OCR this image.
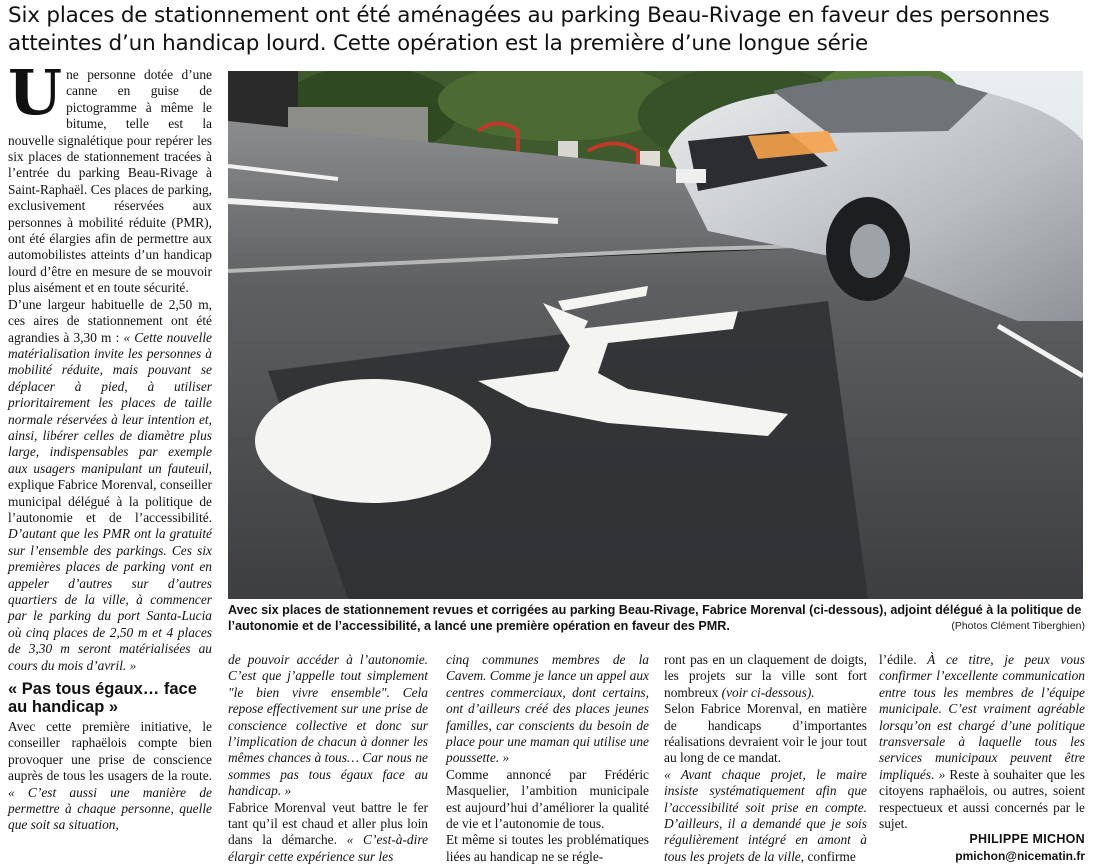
Six places de stationnement ont été aménagées au parking Beau-Rivage en faveur des personnes atteintes d’un handicap lourd. Cette opération est la première d’une longue série

Une personne dotée d’une canne en guise de pictogramme à même le bitume, telle est la nouvelle signalétique pour repérer les six places de stationnement tracées à l’entrée du parking Beau-Rivage à Saint-Raphaël. Ces places de parking, exclusivement réservées aux personnes à mobilité réduite (PMR), ont été élargies afin de permettre aux automobilistes atteints d’un handicap lourd d’être en mesure de se mouvoir plus aisément et en toute sécurité.

D’une largeur habituelle de 2,50 m, ces aires de stationnement ont été agrandies à 3,30 m : « Cette nouvelle matérialisation invite les personnes à mobilité réduite, mais pouvant se déplacer à pied, à utiliser prioritairement les places de taille normale réservées à leur intention et, ainsi, libérer celles de diamètre plus large, indispensables par exemple aux usagers manipulant un fauteuil, explique Fabrice Morenval, conseiller municipal délégué à la politique de l’autonomie et de l’accessibilité. D’autant que les PMR ont la gratuité sur l’ensemble des parkings. Ces six premières places de parking vont en appeler d’autres sur d’autres quartiers de la ville, à commencer par le parking du port Santa-Lucia où cinq places de 2,50 m et 4 places de 3,30 m seront matérialisées au cours du mois d’avril. »

« Pas tous égaux… face au handicap »

Avec cette première initiative, le conseiller raphaëlois compte bien provoquer une prise de conscience auprès de tous les usagers de la route. « C’est aussi une manière de permettre à chaque personne, quelle que soit sa situation,

Avec six places de stationnement revues et corrigées au parking Beau-Rivage, Fabrice Morenval (ci-dessous), adjoint délégué à la politique de l’autonomie et de l’accessibilité, a lancé une première opération en faveur des PMR.	(Photos Clément Tiberghien)

de pouvoir accéder à l’autonomie. C’est que j’appelle tout simplement "le bien vivre ensemble". Cela repose effectivement sur une prise de conscience collective et donc sur l’implication de chacun à donner les mêmes chances à tous… Car nous ne sommes pas tous égaux face au handicap. »

Fabrice Morenval veut battre le fer tant qu’il est chaud et aller plus loin dans la démarche. « C’est-à-dire élargir cette expérience sur les

cinq communes membres de la Cavem. Comme je lance un appel aux centres commerciaux, dont certains, ont d’ailleurs créé des places jeunes familles, car conscients du besoin de place pour une maman qui utilise une poussette. »

Comme annoncé par Frédéric Masquelier, l’ambition municipale est aujourd’hui d’améliorer la qualité de vie et l’autonomie de tous.

Et même si toutes les problématiques liées au handicap ne se régle-

ront pas en un claquement de doigts, les projets sur la ville sont fort nombreux (voir ci-dessous).

Selon Fabrice Morenval, en matière de handicaps d’importantes réalisations devraient voir le jour tout au long de ce mandat.

« Avant chaque projet, le maire insiste systématiquement afin que l’accessibilité soit prise en compte. D’ailleurs, il a demandé que je sois régulièrement intégré en amont à tous les projets de la ville, confirme

l’édile. À ce titre, je peux vous confirmer l’excellente communication entre tous les membres de l’équipe municipale. C’est vraiment agréable lorsqu’on est chargé d’une politique transversale à laquelle tous les services municipaux peuvent être impliqués. » Reste à souhaiter que les citoyens raphaëlois, ou autres, soient respectueux et aussi concernés par le sujet.

PHILIPPE MICHON
pmichon@nicematin.fr
